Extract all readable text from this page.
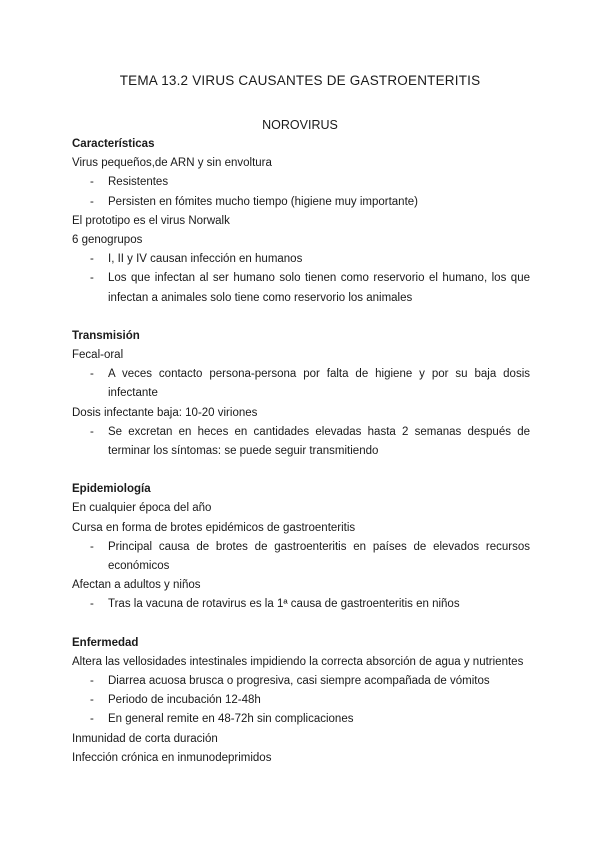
TEMA 13.2 VIRUS CAUSANTES DE GASTROENTERITIS
NOROVIRUS
Características
Virus pequeños,de ARN y sin envoltura
-	Resistentes
-	Persisten en fómites mucho tiempo (higiene muy importante)
El prototipo es el virus Norwalk
6 genogrupos
-	I, II y IV causan infección en humanos
-	Los que infectan al ser humano solo tienen como reservorio el humano, los que infectan a animales solo tiene como reservorio los animales
Transmisión
Fecal-oral
-	A veces contacto persona-persona por falta de higiene y por su baja dosis infectante
Dosis infectante baja: 10-20 viriones
-	Se excretan en heces en cantidades elevadas hasta 2 semanas después de terminar los síntomas: se puede seguir transmitiendo
Epidemiología
En cualquier época del año
Cursa en forma de brotes epidémicos de gastroenteritis
-	Principal causa de brotes de gastroenteritis en países de elevados recursos económicos
Afectan a adultos y niños
-	Tras la vacuna de rotavirus es la 1ª causa de gastroenteritis en niños
Enfermedad
Altera las vellosidades intestinales impidiendo la correcta absorción de agua y nutrientes
-	Diarrea acuosa brusca o progresiva, casi siempre acompañada de vómitos
-	Periodo de incubación 12-48h
-	En general remite en 48-72h sin complicaciones
Inmunidad de corta duración
Infección crónica en inmunodeprimidos
